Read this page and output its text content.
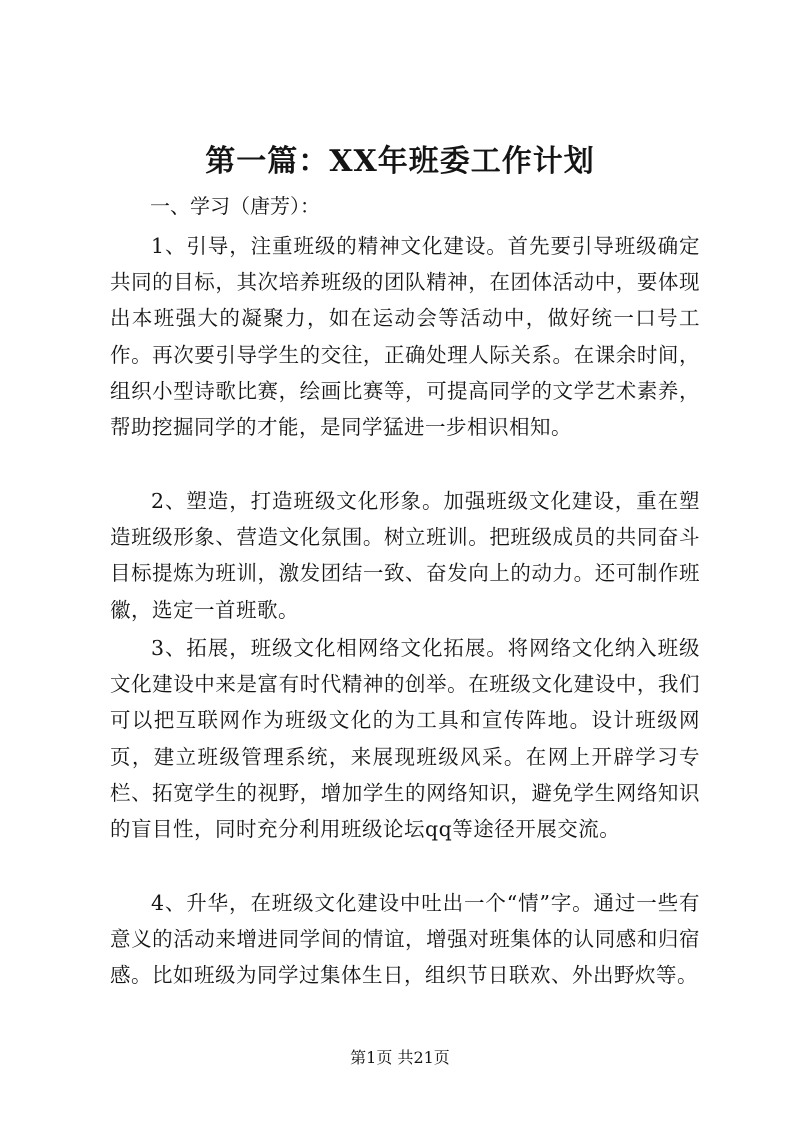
第一篇：XX年班委工作计划

一、学习（唐芳）：

1、引导，注重班级的精神文化建设。首先要引导班级确定共同的目标，其次培养班级的团队精神，在团体活动中，要体现出本班强大的凝聚力，如在运动会等活动中，做好统一口号工作。再次要引导学生的交往，正确处理人际关系。在课余时间，组织小型诗歌比赛，绘画比赛等，可提高同学的文学艺术素养，帮助挖掘同学的才能，是同学猛进一步相识相知。

2、塑造，打造班级文化形象。加强班级文化建设，重在塑造班级形象、营造文化氛围。树立班训。把班级成员的共同奋斗目标提炼为班训，激发团结一致、奋发向上的动力。还可制作班徽，选定一首班歌。

3、拓展，班级文化相网络文化拓展。将网络文化纳入班级文化建设中来是富有时代精神的创举。在班级文化建设中，我们可以把互联网作为班级文化的为工具和宣传阵地。设计班级网页，建立班级管理系统，来展现班级风采。在网上开辟学习专栏、拓宽学生的视野，增加学生的网络知识，避免学生网络知识的盲目性，同时充分利用班级论坛qq等途径开展交流。

4、升华，在班级文化建设中吐出一个“情”字。通过一些有意义的活动来增进同学间的情谊，增强对班集体的认同感和归宿感。比如班级为同学过集体生日，组织节日联欢、外出野炊等。

第1页 共21页
